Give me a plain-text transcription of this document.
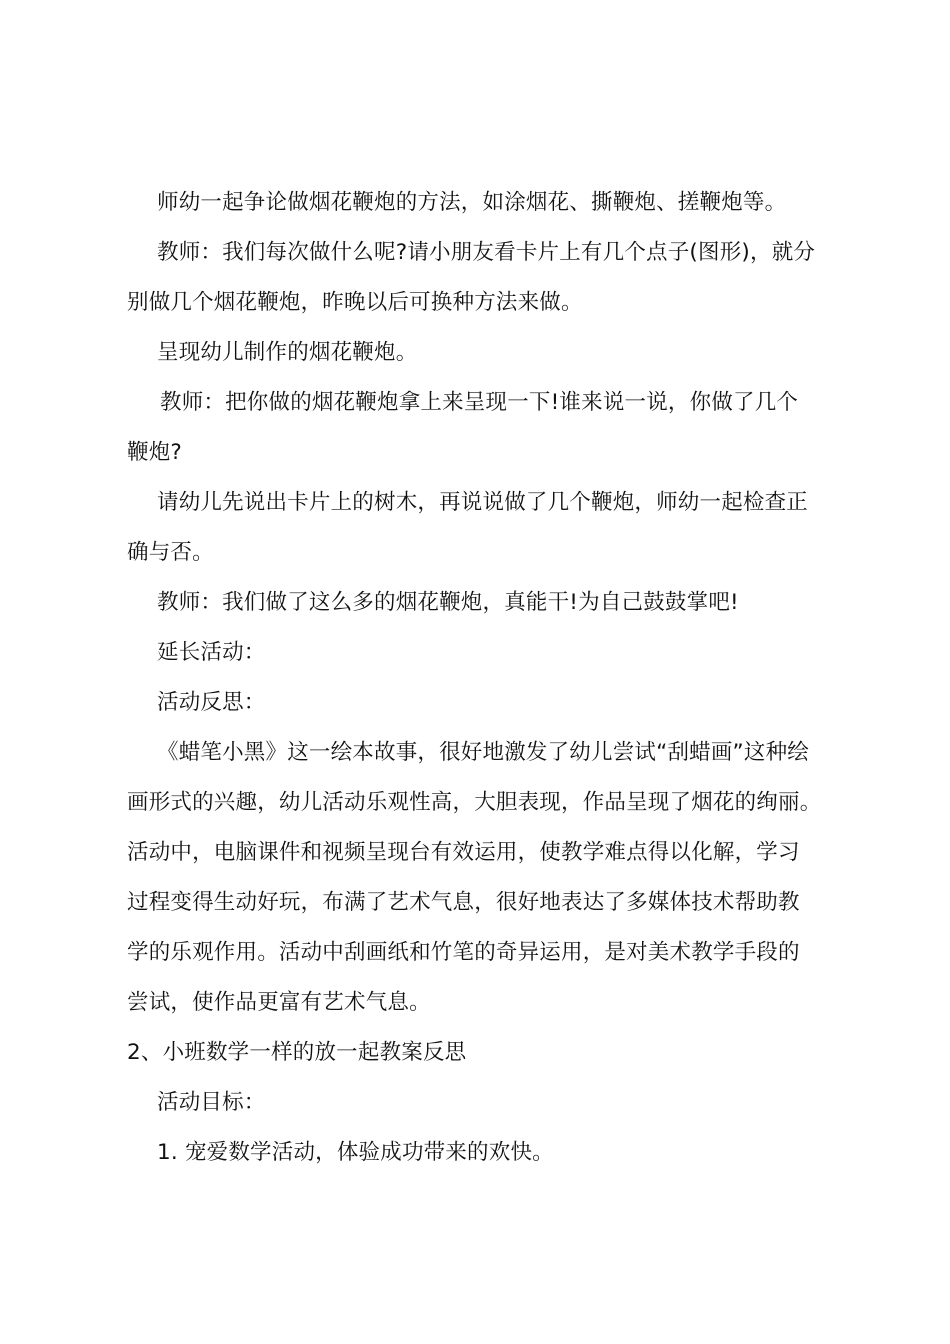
师幼一起争论做烟花鞭炮的方法，如涂烟花、撕鞭炮、搓鞭炮等。
教师：我们每次做什么呢?请小朋友看卡片上有几个点子(图形)，就分
别做几个烟花鞭炮，昨晚以后可换种方法来做。
呈现幼儿制作的烟花鞭炮。
教师：把你做的烟花鞭炮拿上来呈现一下!谁来说一说，你做了几个
鞭炮?
请幼儿先说出卡片上的树木，再说说做了几个鞭炮，师幼一起检查正
确与否。
教师：我们做了这么多的烟花鞭炮，真能干!为自己鼓鼓掌吧!
延长活动：
活动反思：
《蜡笔小黑》这一绘本故事，很好地激发了幼儿尝试“刮蜡画”这种绘
画形式的兴趣，幼儿活动乐观性高，大胆表现，作品呈现了烟花的绚丽。
活动中，电脑课件和视频呈现台有效运用，使教学难点得以化解，学习
过程变得生动好玩，布满了艺术气息，很好地表达了多媒体技术帮助教
学的乐观作用。活动中刮画纸和竹笔的奇异运用，是对美术教学手段的
尝试，使作品更富有艺术气息。
2、小班数学一样的放一起教案反思
活动目标：
1. 宠爱数学活动，体验成功带来的欢快。
